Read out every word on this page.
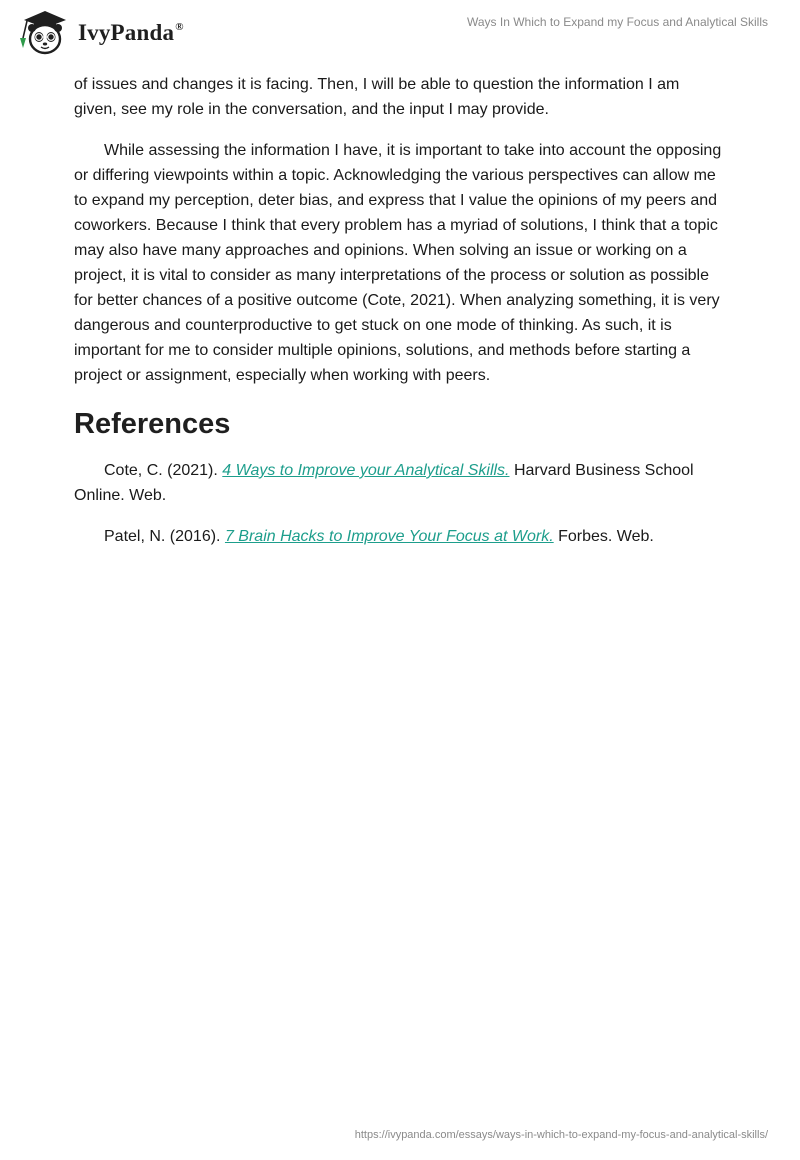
IvyPanda®	Ways In Which to Expand my Focus and Analytical Skills

of issues and changes it is facing. Then, I will be able to question the information I am given, see my role in the conversation, and the input I may provide.

While assessing the information I have, it is important to take into account the opposing or differing viewpoints within a topic. Acknowledging the various perspectives can allow me to expand my perception, deter bias, and express that I value the opinions of my peers and coworkers. Because I think that every problem has a myriad of solutions, I think that a topic may also have many approaches and opinions. When solving an issue or working on a project, it is vital to consider as many interpretations of the process or solution as possible for better chances of a positive outcome (Cote, 2021). When analyzing something, it is very dangerous and counterproductive to get stuck on one mode of thinking. As such, it is important for me to consider multiple opinions, solutions, and methods before starting a project or assignment, especially when working with peers.

References

Cote, C. (2021). 4 Ways to Improve your Analytical Skills. Harvard Business School Online. Web.

Patel, N. (2016). 7 Brain Hacks to Improve Your Focus at Work. Forbes. Web.

https://ivypanda.com/essays/ways-in-which-to-expand-my-focus-and-analytical-skills/
